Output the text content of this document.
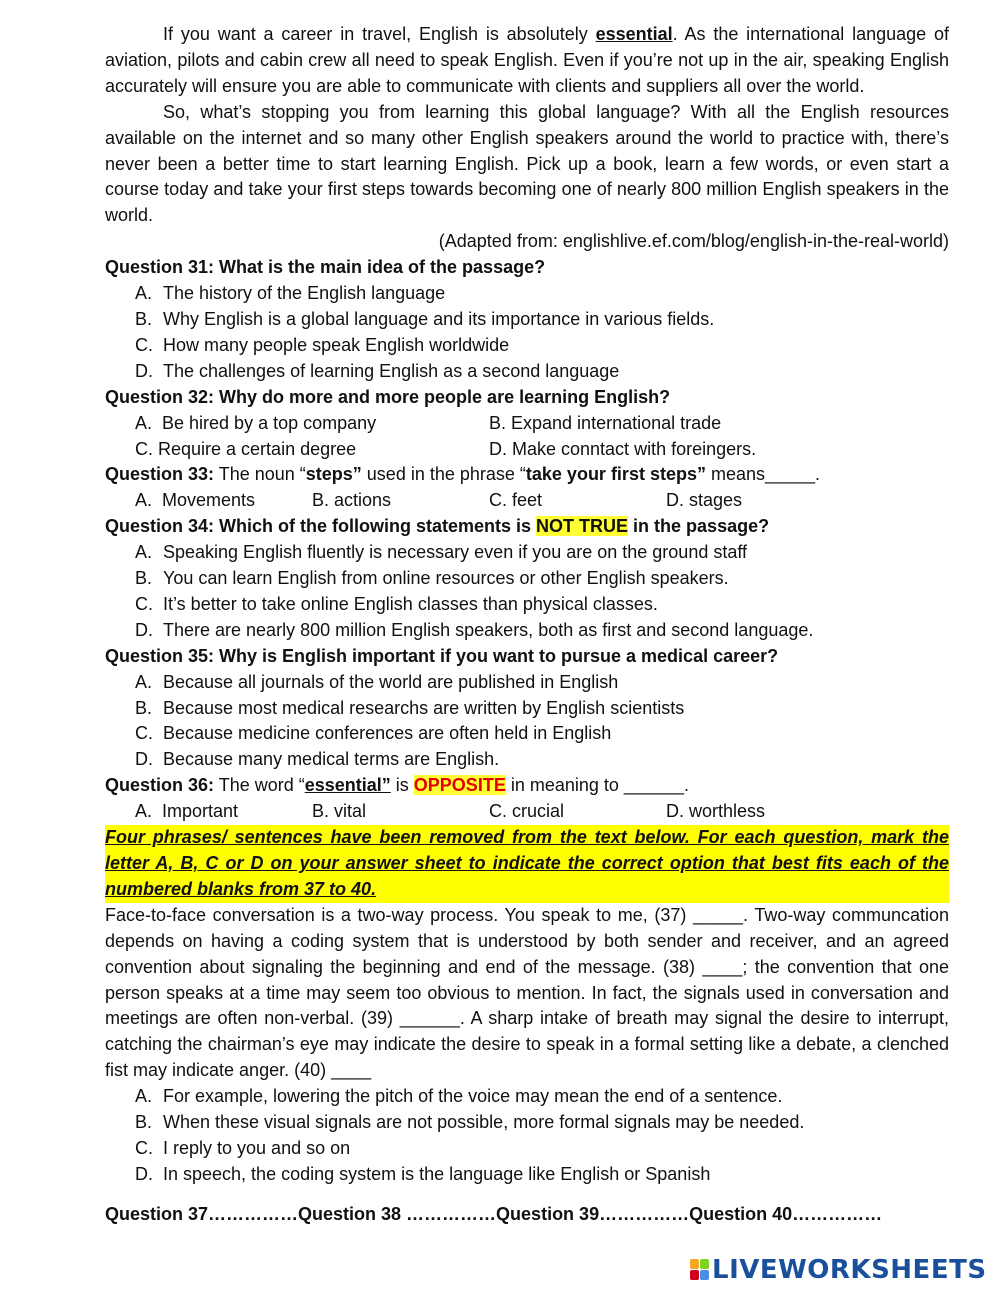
If you want a career in travel, English is absolutely essential. As the international language of aviation, pilots and cabin crew all need to speak English. Even if you’re not up in the air, speaking English accurately will ensure you are able to communicate with clients and suppliers all over the world.

So, what’s stopping you from learning this global language? With all the English resources available on the internet and so many other English speakers around the world to practice with, there’s never been a better time to start learning English. Pick up a book, learn a few words, or even start a course today and take your first steps towards becoming one of nearly 800 million English speakers in the world.

(Adapted from: englishlive.ef.com/blog/english-in-the-real-world)

Question 31: What is the main idea of the passage?

A. The history of the English language
B. Why English is a global language and its importance in various fields.
C. How many people speak English worldwide
D. The challenges of learning English as a second language

Question 32: Why do more and more people are learning English?

A.  Be hired by a top company	B. Expand international trade
C. Require a certain degree	D. Make conntact with foreingers.

Question 33: The noun “steps” used in the phrase “take your first steps” means_____.

A.  Movements	B. actions	C. feet	D. stages

Question 34: Which of the following statements is NOT TRUE in the passage?

A. Speaking English fluently is necessary even if you are on the ground staff
B. You can learn English from online resources or other English speakers.
C. It’s better to take online English classes than physical classes.
D. There are nearly 800 million English speakers, both as first and second language.

Question 35: Why is English important if you want to pursue a medical career?

A. Because all journals of the world are published in English
B. Because most medical researchs are written by English scientists
C. Because medicine conferences are often held in English
D. Because many medical terms are English.

Question 36: The word “essential” is OPPOSITE in meaning to ______.

A.  Important	B. vital	C. crucial	D. worthless

Four phrases/ sentences have been removed from the text below. For each question, mark the letter A, B, C or D on your answer sheet to indicate the correct option that best fits each of the numbered blanks from 37 to 40.

Face-to-face conversation is a two-way process. You speak to me, (37) _____. Two-way communcation depends on having a coding system that is understood by both sender and receiver, and an agreed convention about signaling the beginning and end of the message. (38) ____; the convention that one person speaks at a time may seem too obvious to mention. In fact, the signals used in conversation and meetings are often non-verbal. (39) ______. A sharp intake of breath may signal the desire to interrupt, catching the chairman’s eye may indicate the desire to speak in a formal setting like a debate, a clenched fist may indicate anger. (40) ____

A. For example, lowering the pitch of the voice may mean the end of a sentence.
B. When these visual signals are not possible, more formal signals may be needed.
C. I reply to you and so on
D. In speech, the coding system is the language like English or Spanish

Question 37……………Question 38 ……………Question 39……………Question 40……………

LIVEWORKSHEETS
